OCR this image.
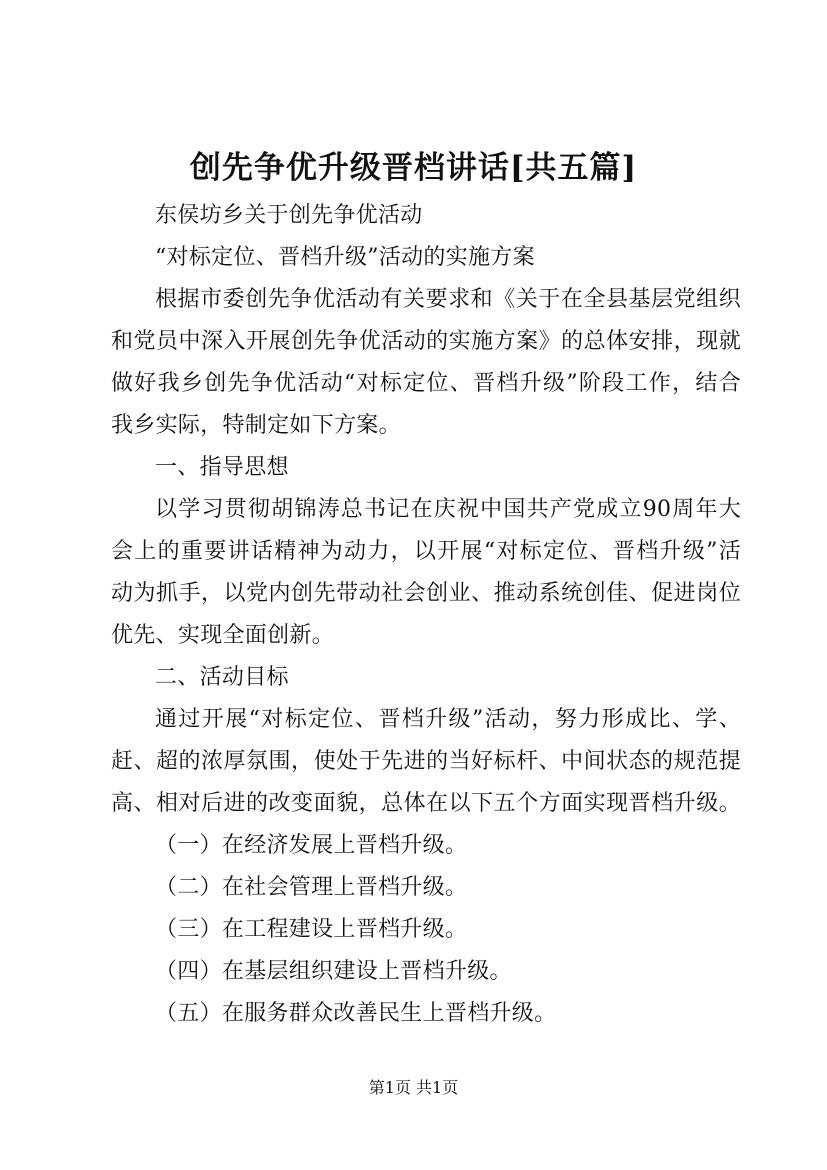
创先争优升级晋档讲话[共五篇]

东侯坊乡关于创先争优活动

“对标定位、晋档升级”活动的实施方案

根据市委创先争优活动有关要求和《关于在全县基层党组织

和党员中深入开展创先争优活动的实施方案》的总体安排，现就

做好我乡创先争优活动“对标定位、晋档升级”阶段工作，结合

我乡实际，特制定如下方案。

一、指导思想

以学习贯彻胡锦涛总书记在庆祝中国共产党成立90周年大

会上的重要讲话精神为动力，以开展“对标定位、晋档升级”活

动为抓手，以党内创先带动社会创业、推动系统创佳、促进岗位

优先、实现全面创新。

二、活动目标

通过开展“对标定位、晋档升级”活动，努力形成比、学、

赶、超的浓厚氛围，使处于先进的当好标杆、中间状态的规范提

高、相对后进的改变面貌，总体在以下五个方面实现晋档升级。

（一）在经济发展上晋档升级。

（二）在社会管理上晋档升级。

（三）在工程建设上晋档升级。

（四）在基层组织建设上晋档升级。

（五）在服务群众改善民生上晋档升级。

第1页 共1页
